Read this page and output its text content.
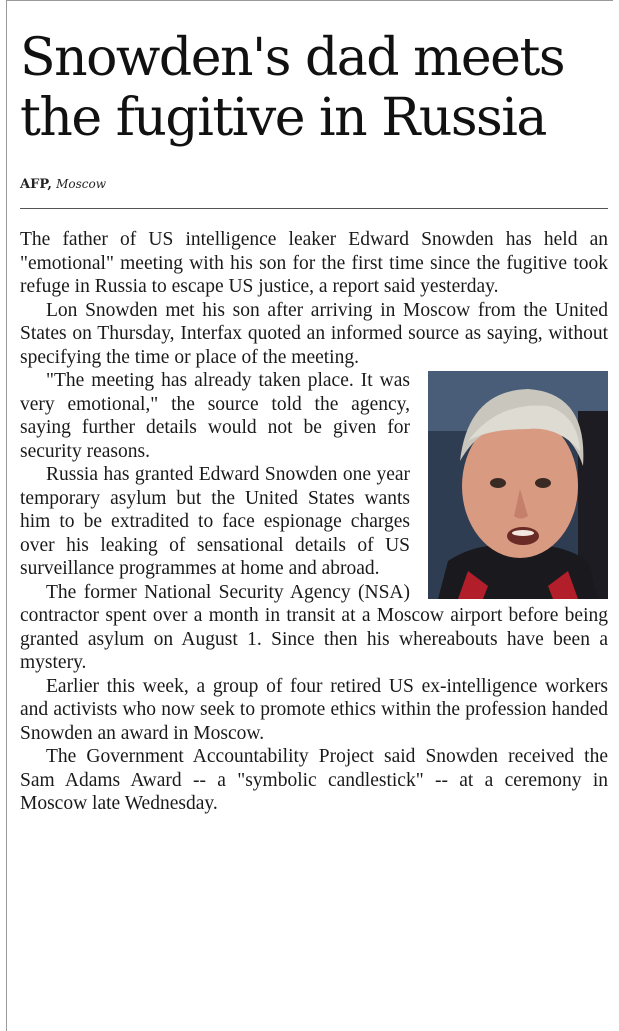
Snowden's dad meets the fugitive in Russia
AFP, Moscow

The father of US intelligence leaker Edward Snowden has held an "emotional" meeting with his son for the first time since the fugitive took refuge in Russia to escape US justice, a report said yesterday.

Lon Snowden met his son after arriving in Moscow from the United States on Thursday, Interfax quoted an informed source as saying, without specifying the time or place of the meeting.

"The meeting has already taken place. It was very emotional," the source told the agency, saying further details would not be given for security reasons.

Russia has granted Edward Snowden one year temporary asylum but the United States wants him to be extradited to face espionage charges over his leaking of sensational details of US surveillance programmes at home and abroad.

The former National Security Agency (NSA) contractor spent over a month in transit at a Moscow airport before being granted asylum on August 1. Since then his whereabouts have been a mystery.

Earlier this week, a group of four retired US ex-intelligence workers and activists who now seek to promote ethics within the profession handed Snowden an award in Moscow.

The Government Accountability Project said Snowden received the Sam Adams Award -- a "symbolic candlestick" -- at a ceremony in Moscow late Wednesday.
